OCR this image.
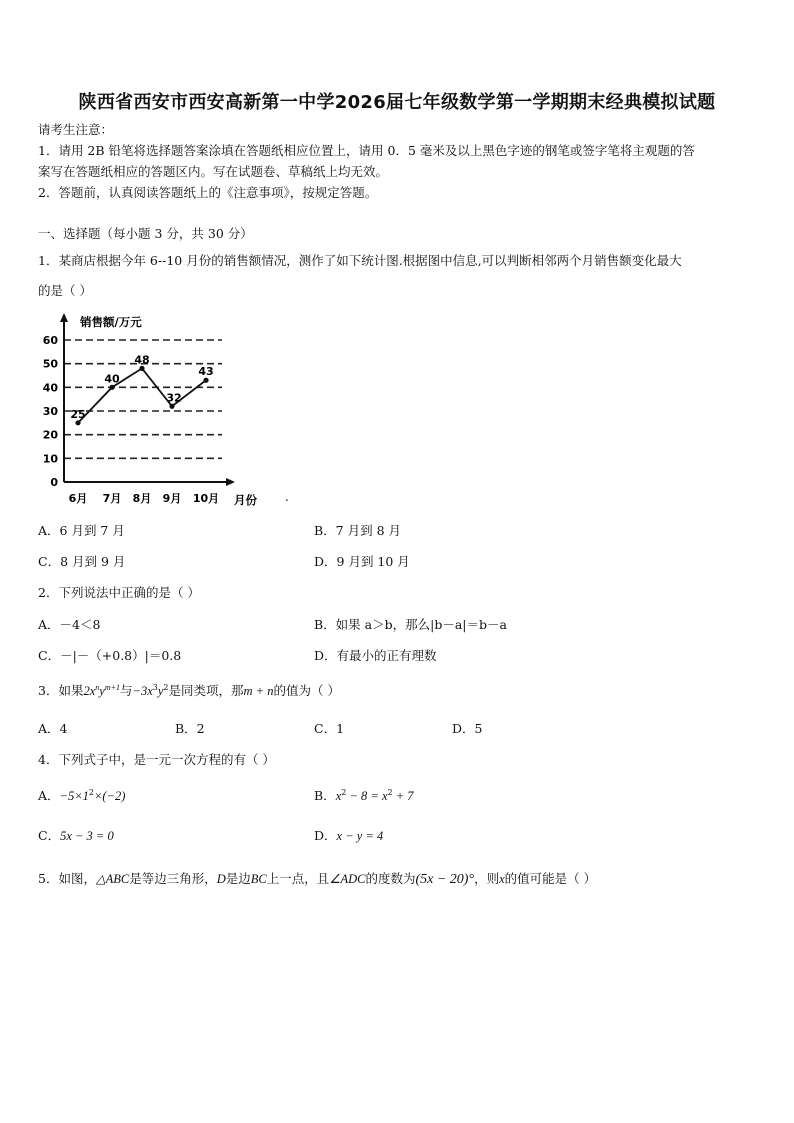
陕西省西安市西安高新第一中学2026届七年级数学第一学期期末经典模拟试题
请考生注意：
1．请用 2B 铅笔将选择题答案涂填在答题纸相应位置上，请用 0．5 毫米及以上黑色字迹的钢笔或签字笔将主观题的答
案写在答题纸相应的答题区内。写在试题卷、草稿纸上均无效。
2．答题前，认真阅读答题纸上的《注意事项》，按规定答题。
一、选择题（每小题 3 分，共 30 分）
1．某商店根据今年 6--10 月份的销售额情况，测作了如下统计图.根据图中信息,可以判断相邻两个月销售额变化最大
的是（ ）
0
10
20
30
40
50
60
销售额/万元
月份
25
6月
40
7月
48
8月
32
9月
43
10月	.
A．6 月到 7 月	B．7 月到 8 月
C．8 月到 9 月	D．9 月到 10 月
2．下列说法中正确的是（ ）
A．－4＜8	B．如果 a＞b，那么|b－a|＝b－a
C．－|－（+0.8）|＝0.8	D．有最小的正有理数
3．如果$2x^ny^{m+1}$与$-3x^3y^2$是同类项，那m + n的值为（ ）
A．4	B．2	C．1	D．5
4．下列式子中，是一元一次方程的有（ ）
A．$-5\times 1^2\times(-2)$	B．$x^2 - 8 = x^2 + 7$
C．5x − 3 = 0	D．x − y = 4
5．如图，△ABC是等边三角形，D是边BC上一点，且∠ADC的度数为(5x − 20)°，则x的值可能是（ ）
